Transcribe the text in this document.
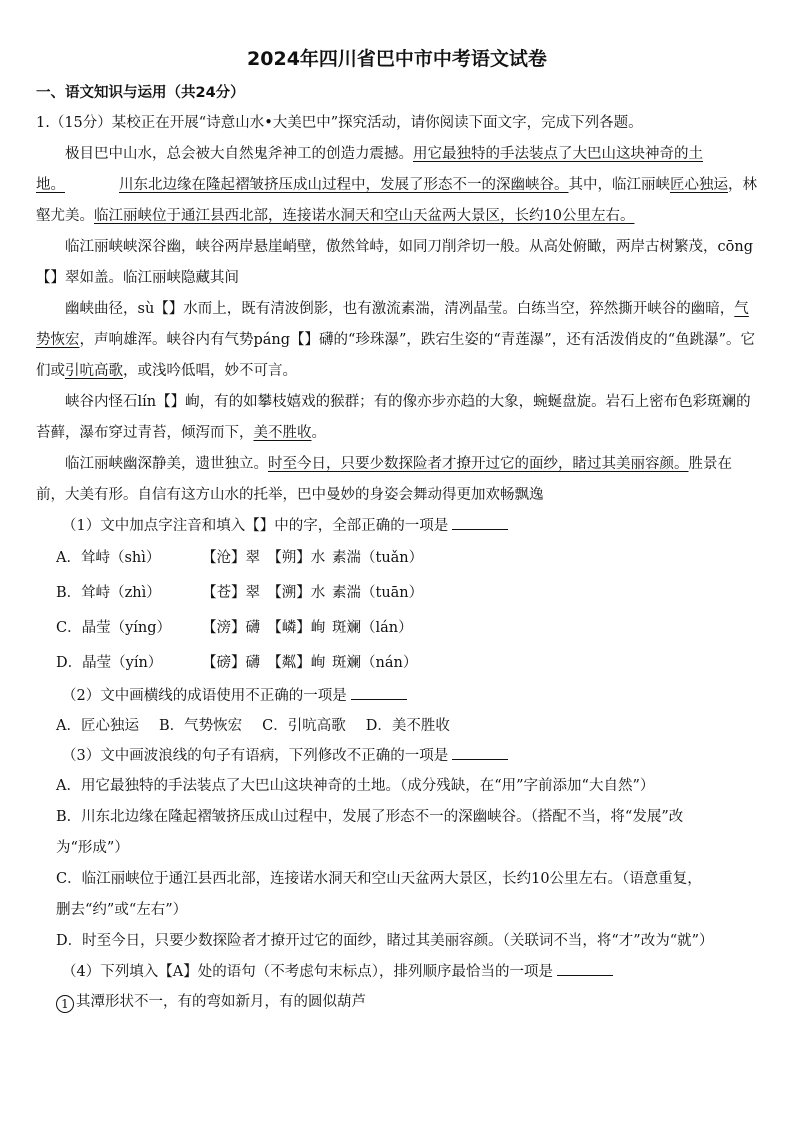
2024年四川省巴中市中考语文试卷
一、语文知识与运用（共24分）

1.（15分）某校正在开展“诗意山水•大美巴中”探究活动，请你阅读下面文字，完成下列各题。

极目巴中山水，总会被大自然鬼斧神工的创造力震撼。用它最独特的手法装点了大巴山这块神奇的土地。	川东北边缘在隆起褶皱挤压成山过程中，发展了形态不一的深幽峡谷。其中，临江丽峡匠心独运，林壑尤美。临江丽峡位于通江县西北部，连接诺水洞天和空山天盆两大景区，长约10公里左右。

临江丽峡峡深谷幽，峡谷两岸悬崖峭壁，傲然耸峙，如同刀削斧切一般。从高处俯瞰，两岸古树繁茂，cōng【】翠如盖。临江丽峡隐藏其间

幽峡曲径，sù【】水而上，既有清波倒影，也有激流素湍，清冽晶莹。白练当空，猝然撕开峡谷的幽暗，气势恢宏，声响雄浑。峡谷内有气势páng【】礴的“珍珠瀑”，跌宕生姿的“青莲瀑”，还有活泼俏皮的“鱼跳瀑”。它们或引吭高歌，或浅吟低唱，妙不可言。

峡谷内怪石lín【】峋，有的如攀枝嬉戏的猴群；有的像亦步亦趋的大象，蜿蜒盘旋。岩石上密布色彩斑斓的苔藓，瀑布穿过青苔，倾泻而下，美不胜收。

临江丽峡幽深静美，遗世独立。时至今日，只要少数探险者才撩开过它的面纱，睹过其美丽容颜。胜景在前，大美有形。自信有这方山水的托举，巴中曼妙的身姿会舞动得更加欢畅飘逸

（1）文中加点字注音和填入【】中的字，全部正确的一项是
A．耸峙（shì）	【沧】翠　【朔】水 素湍 （tuǎn）
B．耸峙（zhì）	【苍】翠　【溯】水 素湍 （tuān）
C．晶莹（yíng）	【滂】礴　【嶙】峋 斑斓 （lán）
D．晶莹（yín）	【磅】礴　【粼】峋 斑斓 （nán）
（2）文中画横线的成语使用不正确的一项是
A．匠心独运 B．气势恢宏 C．引吭高歌 D．美不胜收
（3）文中画波浪线的句子有语病，下列修改不正确的一项是

A．用它最独特的手法装点了大巴山这块神奇的土地。（成分残缺，在“用”字前添加“大自然”）

B．川东北边缘在隆起褶皱挤压成山过程中，发展了形态不一的深幽峡谷。（搭配不当，将“发展”改
为“形成”）

C．临江丽峡位于通江县西北部，连接诺水洞天和空山天盆两大景区，长约10公里左右。（语意重复，
删去“约”或“左右”）

D．时至今日，只要少数探险者才撩开过它的面纱，睹过其美丽容颜。（关联词不当，将“才”改为“就”）

（4）下列填入【A】处的语句（不考虑句末标点），排列顺序最恰当的一项是

1 其潭形状不一，有的弯如新月，有的圆似葫芦
